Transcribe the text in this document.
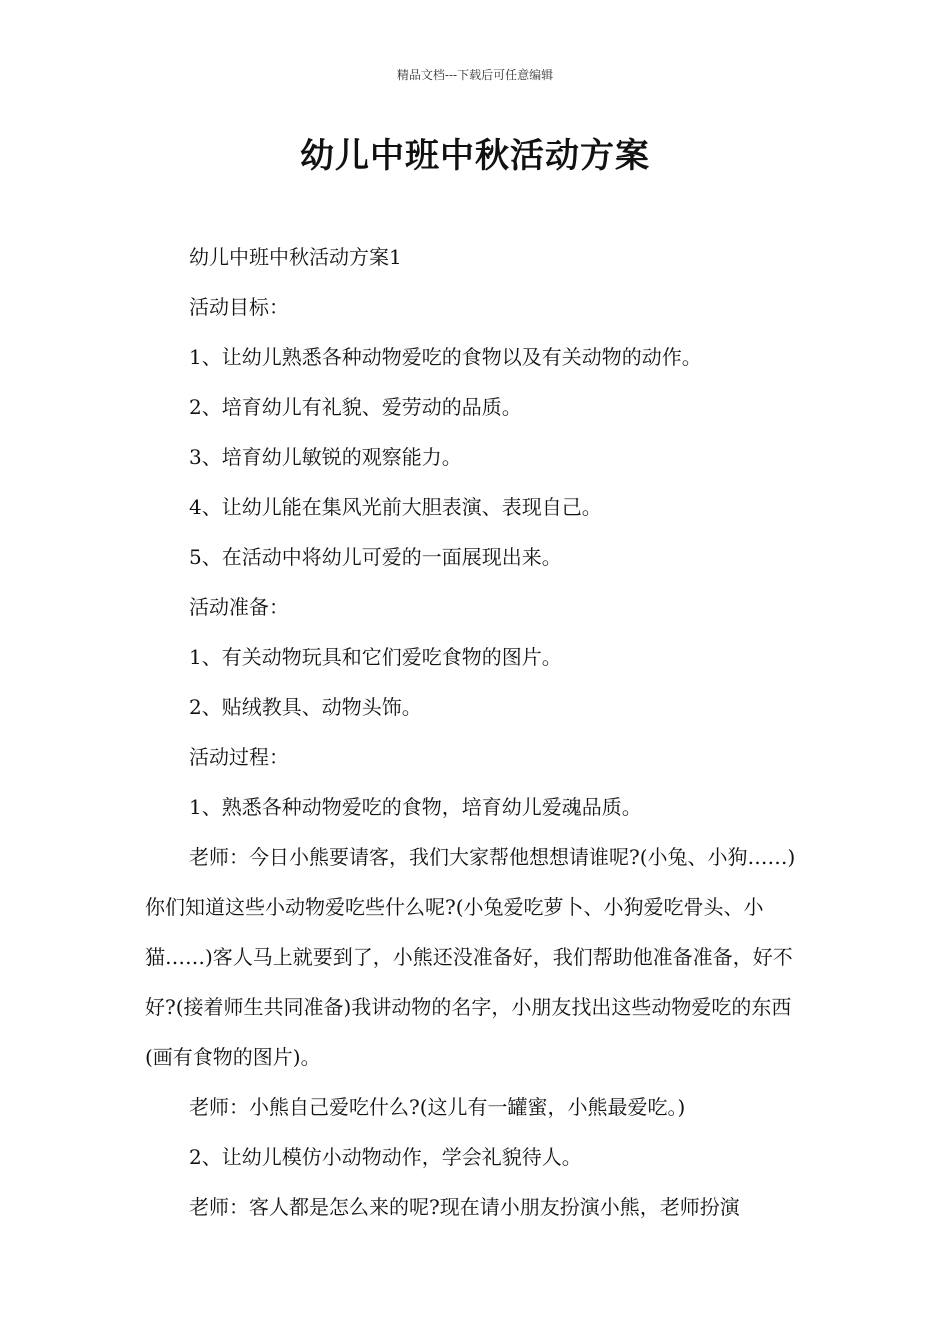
精品文档---下载后可任意编辑
幼儿中班中秋活动方案

幼儿中班中秋活动方案1

活动目标：

1、让幼儿熟悉各种动物爱吃的食物以及有关动物的动作。

2、培育幼儿有礼貌、爱劳动的品质。

3、培育幼儿敏锐的观察能力。

4、让幼儿能在集风光前大胆表演、表现自己。

5、在活动中将幼儿可爱的一面展现出来。

活动准备：

1、有关动物玩具和它们爱吃食物的图片。

2、贴绒教具、动物头饰。

活动过程：

1、熟悉各种动物爱吃的食物，培育幼儿爱魂品质。

老师：今日小熊要请客，我们大家帮他想想请谁呢?(小兔、小狗……)你们知道这些小动物爱吃些什么呢?(小兔爱吃萝卜、小狗爱吃骨头、小猫……)客人马上就要到了，小熊还没准备好，我们帮助他准备准备，好不好?(接着师生共同准备)我讲动物的名字，小朋友找出这些动物爱吃的东西(画有食物的图片)。

老师：小熊自己爱吃什么?(这儿有一罐蜜，小熊最爱吃。)

2、让幼儿模仿小动物动作，学会礼貌待人。

老师：客人都是怎么来的呢?现在请小朋友扮演小熊，老师扮演
